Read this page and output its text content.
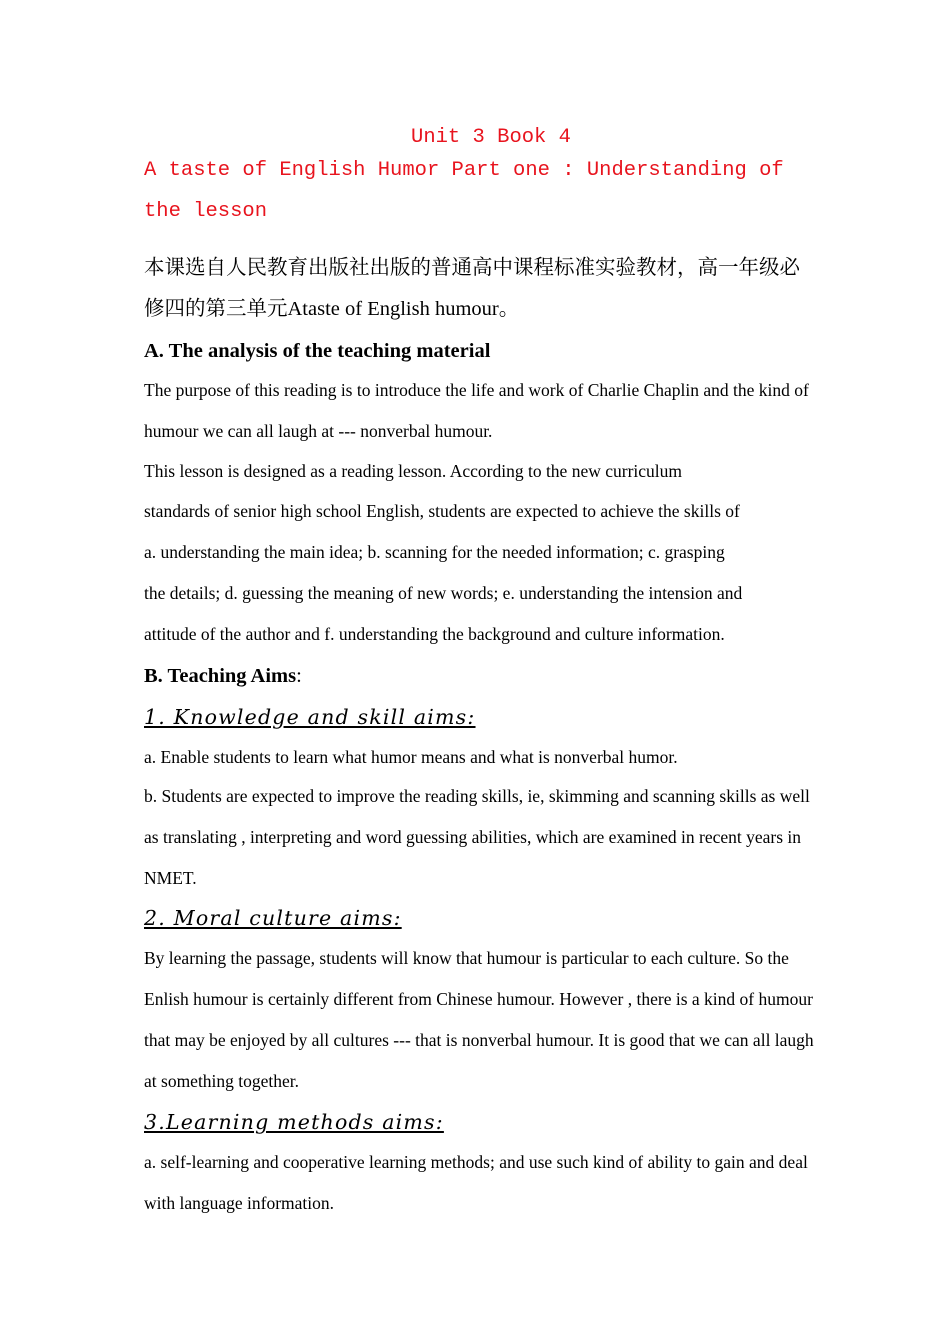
Unit 3 Book 4
A taste of English Humor Part one : Understanding of the lesson
本课选自人民教育出版社出版的普通高中课程标准实验教材，高一年级必修四的第三单元Ataste of English humour。
A. The analysis of the teaching material
The purpose of this reading is to introduce the life and work of Charlie Chaplin and the kind of humour we can all laugh at --- nonverbal humour.
This lesson is designed as a reading lesson. According to the new curriculum
standards of senior high school English, students are expected to achieve the skills of
a. understanding the main idea; b. scanning for the needed information; c. grasping
the details; d. guessing the meaning of new words; e. understanding the intension and
attitude of the author and f. understanding the background and culture information.
B. Teaching Aims:
1. Knowledge and skill aims:
a. Enable students to learn what humor means and what is nonverbal humor.
b. Students are expected to improve the reading skills, ie, skimming and scanning skills as well as translating , interpreting and word guessing abilities, which are examined in recent years in NMET.
2. Moral culture aims:
By learning the passage, students will know that humour is particular to each culture. So the Enlish humour is certainly different from Chinese humour. However , there is a kind of humour that may be enjoyed by all cultures --- that is nonverbal humour. It is good that we can all laugh at something together.
3.Learning methods aims:
a. self-learning and cooperative learning methods; and use such kind of ability to gain and deal with language information.
